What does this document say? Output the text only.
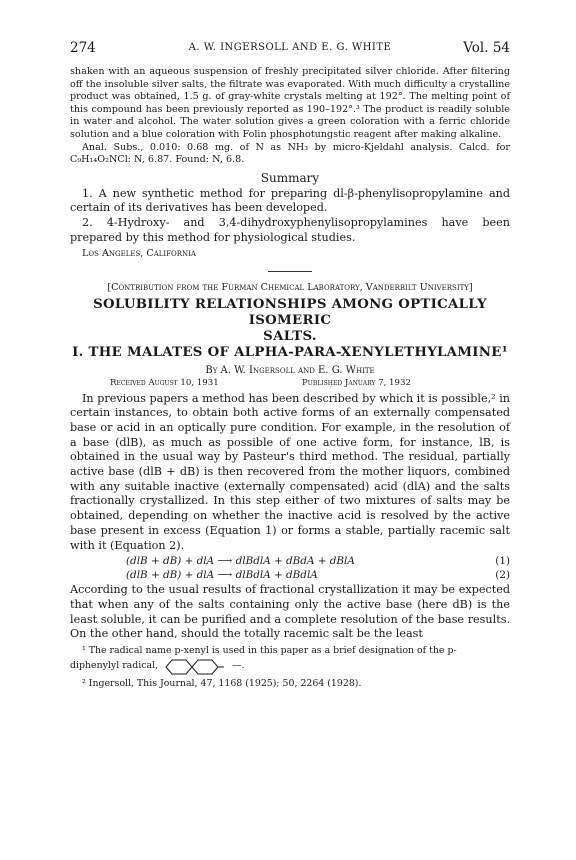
274	A. W. INGERSOLL AND E. G. WHITE	Vol. 54

shaken with an aqueous suspension of freshly precipitated silver chloride. After filtering off the insoluble silver salts, the filtrate was evaporated. With much difficulty a crystalline product was obtained, 1.5 g. of gray-white crystals melting at 192°. The melting point of this compound has been previously reported as 190–192°.³ The product is readily soluble in water and alcohol. The water solution gives a green coloration with a ferric chloride solution and a blue coloration with Folin phosphotungstic reagent after making alkaline.

Anal. Subs., 0.010: 0.68 mg. of N as NH₃ by micro-Kjeldahl analysis. Calcd. for C₉H₁₄O₂NCl: N, 6.87. Found: N, 6.8.

Summary

1. A new synthetic method for preparing dl-β-phenylisopropylamine and certain of its derivatives has been developed.

2. 4-Hydroxy- and 3,4-dihydroxyphenylisopropylamines have been prepared by this method for physiological studies.

Los Angeles, California
[Contribution from the Furman Chemical Laboratory, Vanderbilt University]
SOLUBILITY RELATIONSHIPS AMONG OPTICALLY ISOMERIC
SALTS.
I. THE MALATES OF ALPHA-PARA-XENYLETHYLAMINE¹
By A. W. Ingersoll and E. G. White
Received August 10, 1931	Published January 7, 1932

In previous papers a method has been described by which it is possible,² in certain instances, to obtain both active forms of an externally compensated base or acid in an optically pure condition. For example, in the resolution of a base (dlB), as much as possible of one active form, for instance, lB, is obtained in the usual way by Pasteur's third method. The residual, partially active base (dlB + dB) is then recovered from the mother liquors, combined with any suitable inactive (externally compensated) acid (dlA) and the salts fractionally crystallized. In this step either of two mixtures of salts may be obtained, depending on whether the inactive acid is resolved by the active base present in excess (Equation 1) or forms a stable, partially racemic salt with it (Equation 2).

(dlB + dB) + dlA ⟶ dlBdlA + dBdA + dBlA	(1)
(dlB + dB) + dlA ⟶ dlBdlA + dBdlA	(2)

According to the usual results of fractional crystallization it may be expected that when any of the salts containing only the active base (here dB) is the least soluble, it can be purified and a complete resolution of the base results. On the other hand, should the totally racemic salt be the least

¹ The radical name p-xenyl is used in this paper as a brief designation of the p-
diphenylyl radical,	—.
² Ingersoll, This Journal, 47, 1168 (1925); 50, 2264 (1928).
